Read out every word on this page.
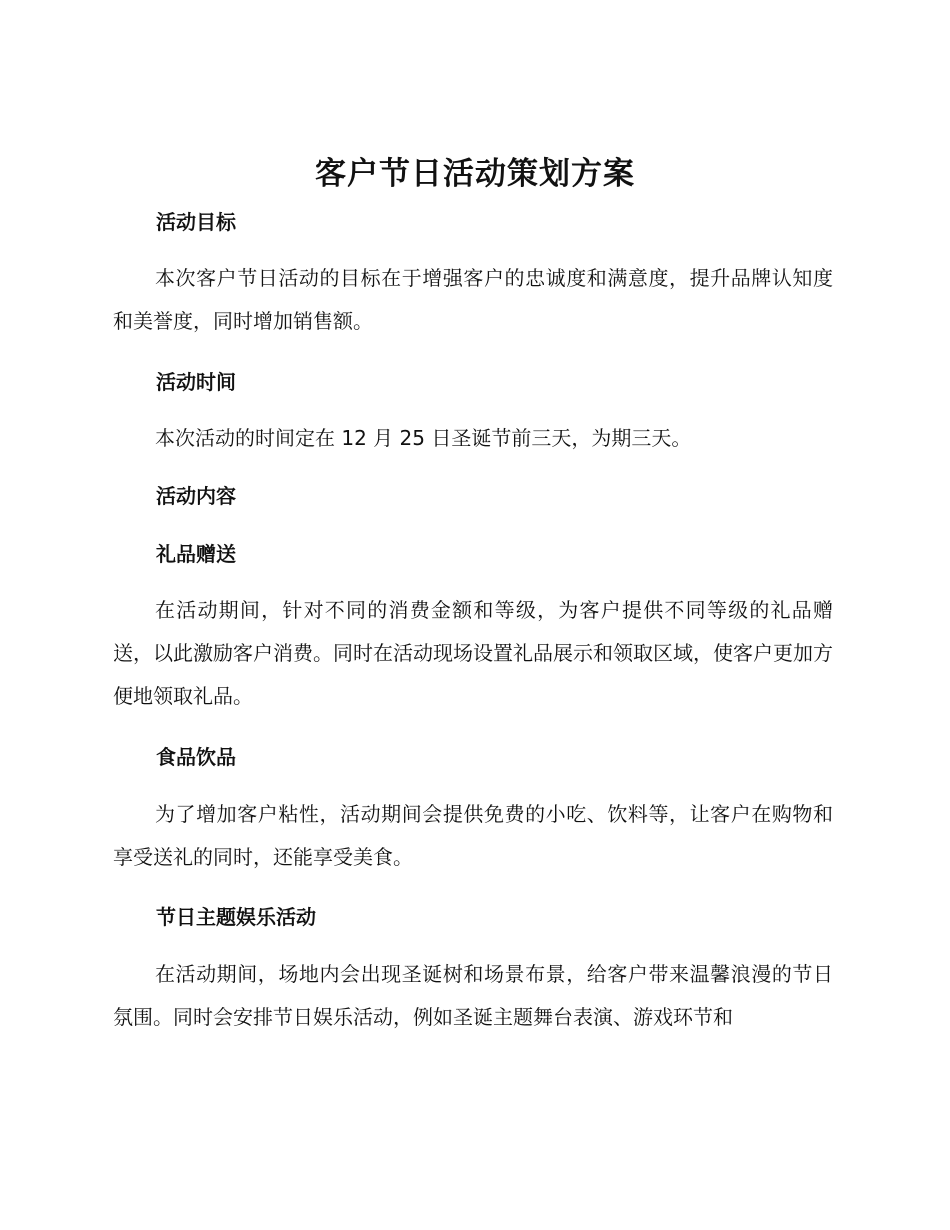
客户节日活动策划方案
活动目标

本次客户节日活动的目标在于增强客户的忠诚度和满意度，提升品牌认知度和美誉度，同时增加销售额。

活动时间

本次活动的时间定在 12 月 25 日圣诞节前三天，为期三天。

活动内容
礼品赠送

在活动期间，针对不同的消费金额和等级，为客户提供不同等级的礼品赠送，以此激励客户消费。同时在活动现场设置礼品展示和领取区域，使客户更加方便地领取礼品。

食品饮品

为了增加客户粘性，活动期间会提供免费的小吃、饮料等，让客户在购物和享受送礼的同时，还能享受美食。

节日主题娱乐活动

在活动期间，场地内会出现圣诞树和场景布景，给客户带来温馨浪漫的节日氛围。同时会安排节日娱乐活动，例如圣诞主题舞台表演、游戏环节和
